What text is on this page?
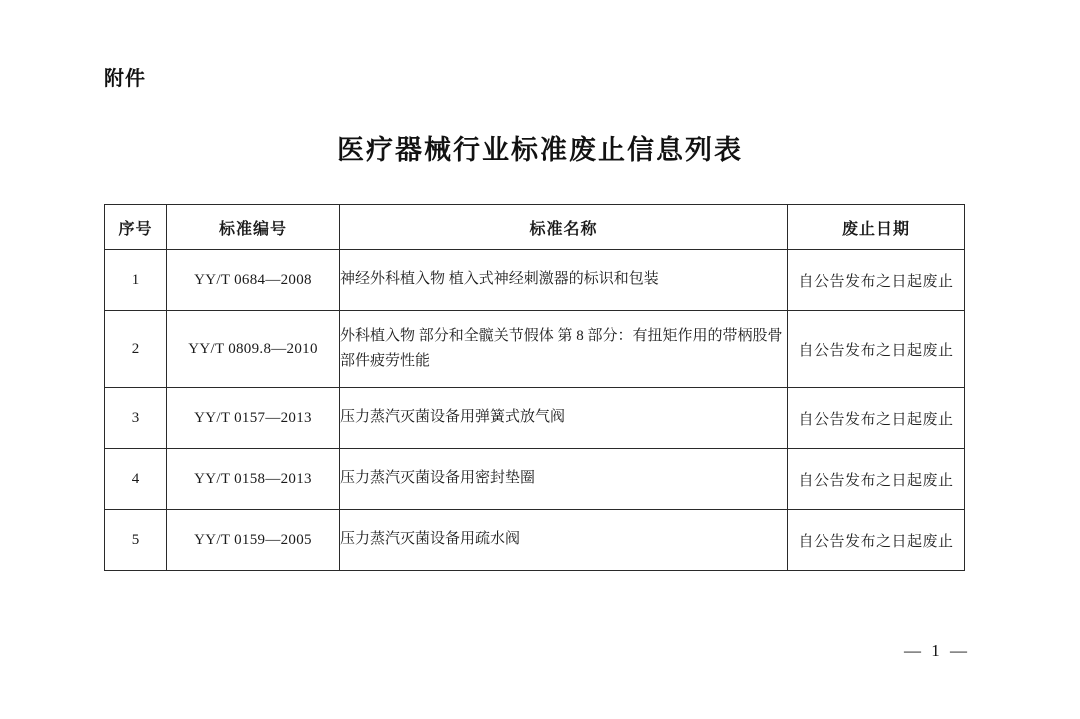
附件
医疗器械行业标准废止信息列表
序号	标准编号	标准名称	废止日期
1	YY/T 0684—2008	神经外科植入物 植入式神经刺激器的标识和包装	自公告发布之日起废止
2	YY/T 0809.8—2010	外科植入物 部分和全髋关节假体 第 8 部分：有扭矩作用的带柄股骨部件疲劳性能	自公告发布之日起废止
3	YY/T 0157—2013	压力蒸汽灭菌设备用弹簧式放气阀	自公告发布之日起废止
4	YY/T 0158—2013	压力蒸汽灭菌设备用密封垫圈	自公告发布之日起废止
5	YY/T 0159—2005	压力蒸汽灭菌设备用疏水阀	自公告发布之日起废止
— 1 —
